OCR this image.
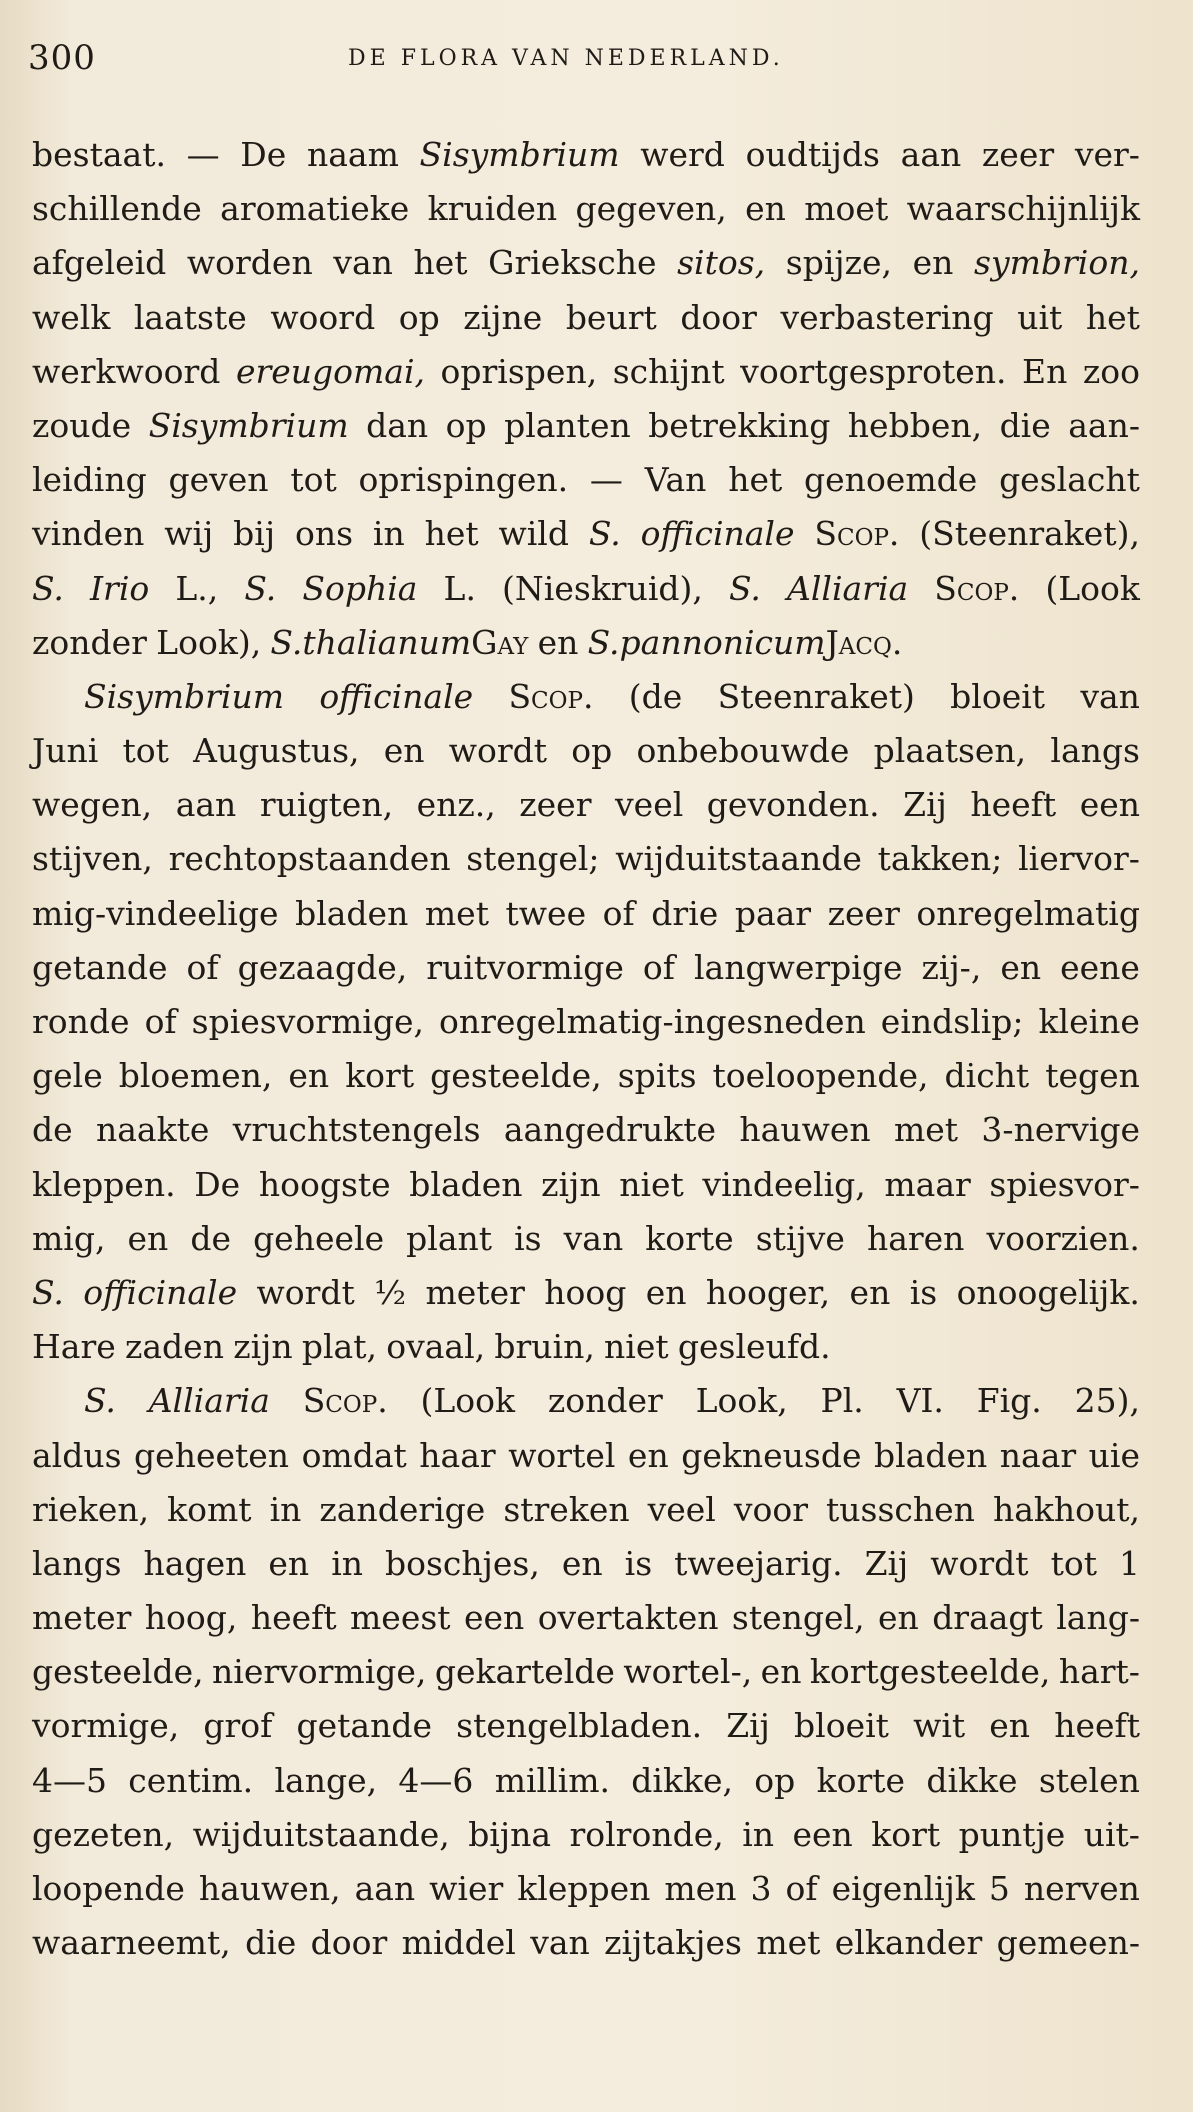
300	DE FLORA VAN NEDERLAND.
bestaat. — De naam Sisymbrium werd oudtijds aan zeer ver-
schillende aromatieke kruiden gegeven, en moet waarschijnlijk
afgeleid worden van het Grieksche sitos, spijze, en symbrion,
welk laatste woord op zijne beurt door verbastering uit het
werkwoord ereugomai, oprispen, schijnt voortgesproten. En zoo
zoude Sisymbrium dan op planten betrekking hebben, die aan-
leiding geven tot oprispingen. — Van het genoemde geslacht
vinden wij bij ons in het wild S. officinale Scop. (Steenraket),
S. Irio L., S. Sophia L. (Nieskruid), S. Alliaria Scop. (Look
zonder Look), S. thalianum Gay en S. pannonicum Jacq.
Sisymbrium officinale Scop. (de Steenraket) bloeit van
Juni tot Augustus, en wordt op onbebouwde plaatsen, langs
wegen, aan ruigten, enz., zeer veel gevonden. Zij heeft een
stijven, rechtopstaanden stengel; wijduitstaande takken; liervor-
mig-vindeelige bladen met twee of drie paar zeer onregelmatig
getande of gezaagde, ruitvormige of langwerpige zij-, en eene
ronde of spiesvormige, onregelmatig-ingesneden eindslip; kleine
gele bloemen, en kort gesteelde, spits toeloopende, dicht tegen
de naakte vruchtstengels aangedrukte hauwen met 3-nervige
kleppen. De hoogste bladen zijn niet vindeelig, maar spiesvor-
mig, en de geheele plant is van korte stijve haren voorzien.
S. officinale wordt ½ meter hoog en hooger, en is onoogelijk.
Hare zaden zijn plat, ovaal, bruin, niet gesleufd.
S. Alliaria Scop. (Look zonder Look, Pl. VI. Fig. 25),
aldus geheeten omdat haar wortel en gekneusde bladen naar uie
rieken, komt in zanderige streken veel voor tusschen hakhout,
langs hagen en in boschjes, en is tweejarig. Zij wordt tot 1
meter hoog, heeft meest een overtakten stengel, en draagt lang-
gesteelde, niervormige, gekartelde wortel-, en kortgesteelde, hart-
vormige, grof getande stengelbladen. Zij bloeit wit en heeft
4—5 centim. lange, 4—6 millim. dikke, op korte dikke stelen
gezeten, wijduitstaande, bijna rolronde, in een kort puntje uit-
loopende hauwen, aan wier kleppen men 3 of eigenlijk 5 nerven
waarneemt, die door middel van zijtakjes met elkander gemeen-
